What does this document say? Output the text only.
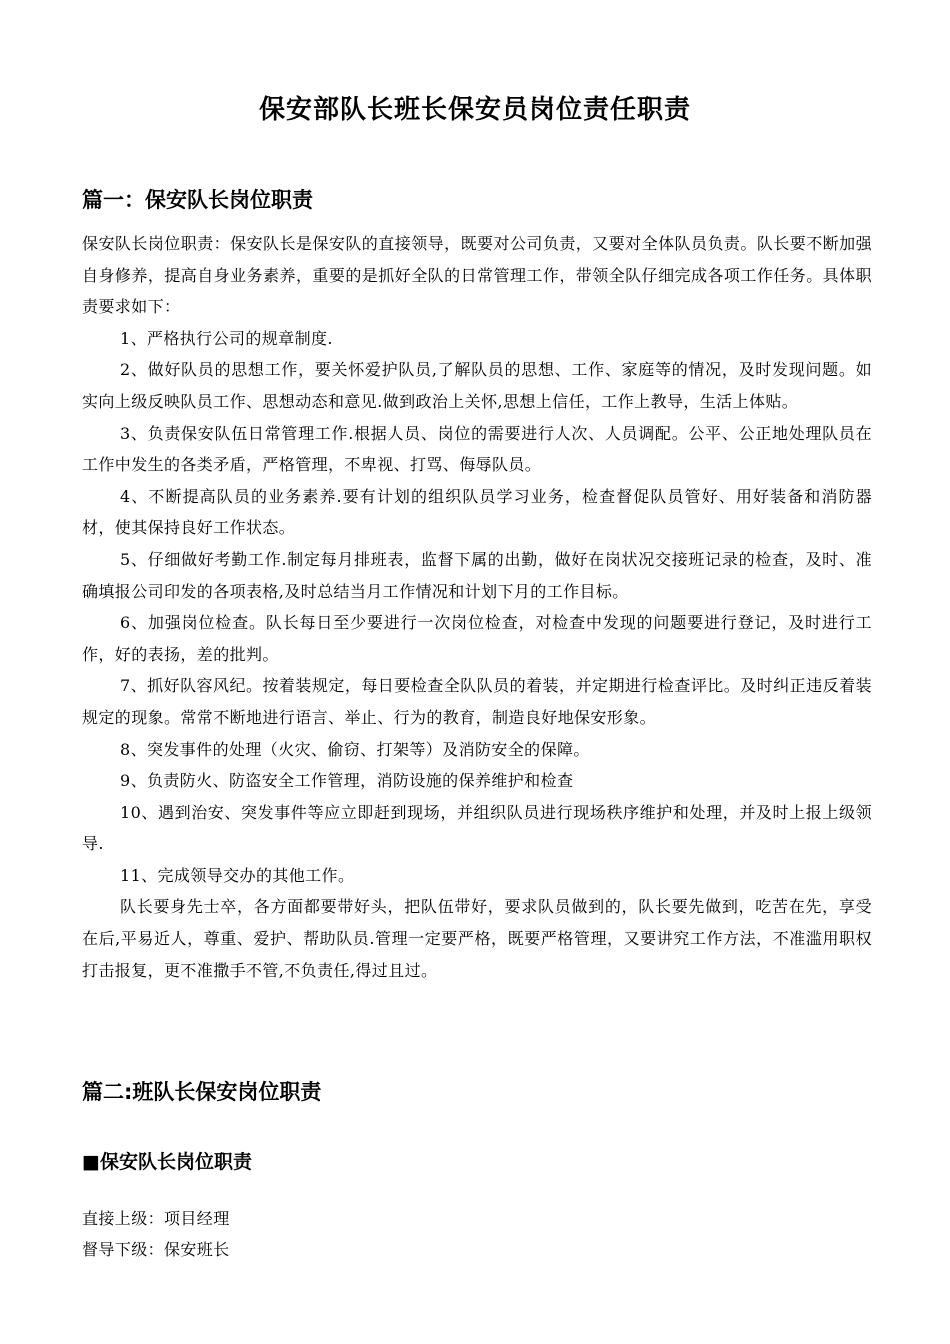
保安部队长班长保安员岗位责任职责
篇一：保安队长岗位职责

保安队长岗位职责：保安队长是保安队的直接领导，既要对公司负责，又要对全体队员负责。队长要不断加强自身修养，提高自身业务素养，重要的是抓好全队的日常管理工作，带领全队仔细完成各项工作任务。具体职责要求如下：

1、严格执行公司的规章制度.

2、做好队员的思想工作，要关怀爱护队员,了解队员的思想、工作、家庭等的情况，及时发现问题。如实向上级反映队员工作、思想动态和意见.做到政治上关怀,思想上信任，工作上教导，生活上体贴。

3、负责保安队伍日常管理工作.根据人员、岗位的需要进行人次、人员调配。公平、公正地处理队员在工作中发生的各类矛盾，严格管理，不卑视、打骂、侮辱队员。

4、不断提高队员的业务素养.要有计划的组织队员学习业务，检查督促队员管好、用好装备和消防器材，使其保持良好工作状态。

5、仔细做好考勤工作.制定每月排班表，监督下属的出勤，做好在岗状况交接班记录的检查，及时、准确填报公司印发的各项表格,及时总结当月工作情况和计划下月的工作目标。

6、加强岗位检查。队长每日至少要进行一次岗位检查，对检查中发现的问题要进行登记，及时进行工作，好的表扬，差的批判。

7、抓好队容风纪。按着装规定，每日要检查全队队员的着装，并定期进行检查评比。及时纠正违反着装规定的现象。常常不断地进行语言、举止、行为的教育，制造良好地保安形象。

8、突发事件的处理（火灾、偷窃、打架等）及消防安全的保障。

9、负责防火、防盗安全工作管理，消防设施的保养维护和检查

10、遇到治安、突发事件等应立即赶到现场，并组织队员进行现场秩序维护和处理，并及时上报上级领导.

11、完成领导交办的其他工作。

队长要身先士卒，各方面都要带好头，把队伍带好，要求队员做到的，队长要先做到，吃苦在先，享受在后,平易近人，尊重、爱护、帮助队员.管理一定要严格，既要严格管理，又要讲究工作方法，不准滥用职权打击报复，更不准撒手不管,不负责任,得过且过。

篇二:班队长保安岗位职责
■保安队长岗位职责

直接上级：项目经理

督导下级：保安班长
